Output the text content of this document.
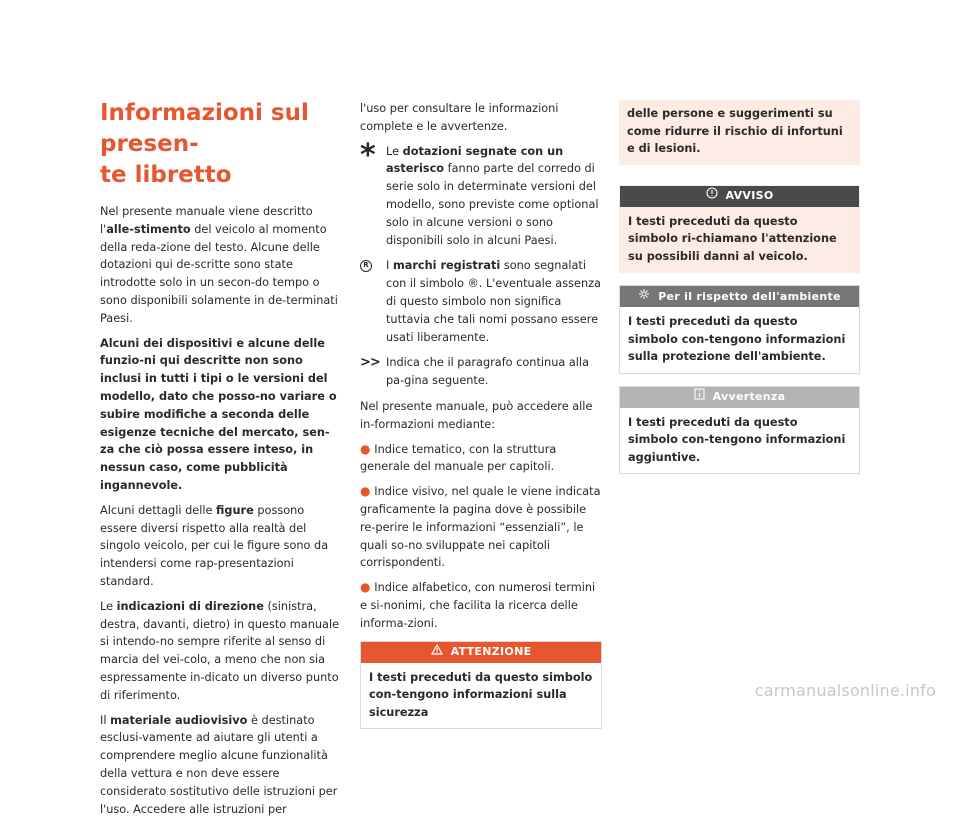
Informazioni sul presen-
te libretto

Nel presente manuale viene descritto l'alle-stimento del veicolo al momento della reda-zione del testo. Alcune delle dotazioni qui de-scritte sono state introdotte solo in un secon-do tempo o sono disponibili solamente in de-terminati Paesi.

Alcuni dei dispositivi e alcune delle funzio-ni qui descritte non sono inclusi in tutti i tipi o le versioni del modello, dato che posso-no variare o subire modifiche a seconda delle esigenze tecniche del mercato, sen-za che ciò possa essere inteso, in nessun caso, come pubblicità ingannevole.

Alcuni dettagli delle figure possono essere diversi rispetto alla realtà del singolo veicolo, per cui le figure sono da intendersi come rap-presentazioni standard.

Le indicazioni di direzione (sinistra, destra, davanti, dietro) in questo manuale si intendo-no sempre riferite al senso di marcia del vei-colo, a meno che non sia espressamente in-dicato un diverso punto di riferimento.

Il materiale audiovisivo è destinato esclusi-vamente ad aiutare gli utenti a comprendere meglio alcune funzionalità della vettura e non deve essere considerato sostitutivo delle istruzioni per l'uso. Accedere alle istruzioni per

l'uso per consultare le informazioni complete e le avvertenze.

* Le dotazioni segnate con un asterisco fanno parte del corredo di serie solo in determinate versioni del modello, sono previste come optional solo in alcune versioni o sono disponibili solo in alcuni Paesi.
R I marchi registrati sono segnalati con il simbolo ®. L'eventuale assenza di questo simbolo non significa tuttavia che tali nomi possano essere usati liberamente.
>> Indica che il paragrafo continua alla pa-gina seguente.

Nel presente manuale, può accedere alle in-formazioni mediante:

● Indice tematico, con la struttura generale del manuale per capitoli.

● Indice visivo, nel quale le viene indicata graficamente la pagina dove è possibile re-perire le informazioni “essenziali”, le quali so-no sviluppate nei capitoli corrispondenti.

● Indice alfabetico, con numerosi termini e si-nonimi, che facilita la ricerca delle informa-zioni.

ATTENZIONE
I testi preceduti da questo simbolo con-tengono informazioni sulla sicurezza
delle persone e suggerimenti su come ridurre il rischio di infortuni e di lesioni.
AVVISO
I testi preceduti da questo simbolo ri-chiamano l'attenzione su possibili danni al veicolo.
Per il rispetto dell'ambiente
I testi preceduti da questo simbolo con-tengono informazioni sulla protezione dell'ambiente.
Avvertenza
I testi preceduti da questo simbolo con-tengono informazioni aggiuntive.
carmanualsonline.info
